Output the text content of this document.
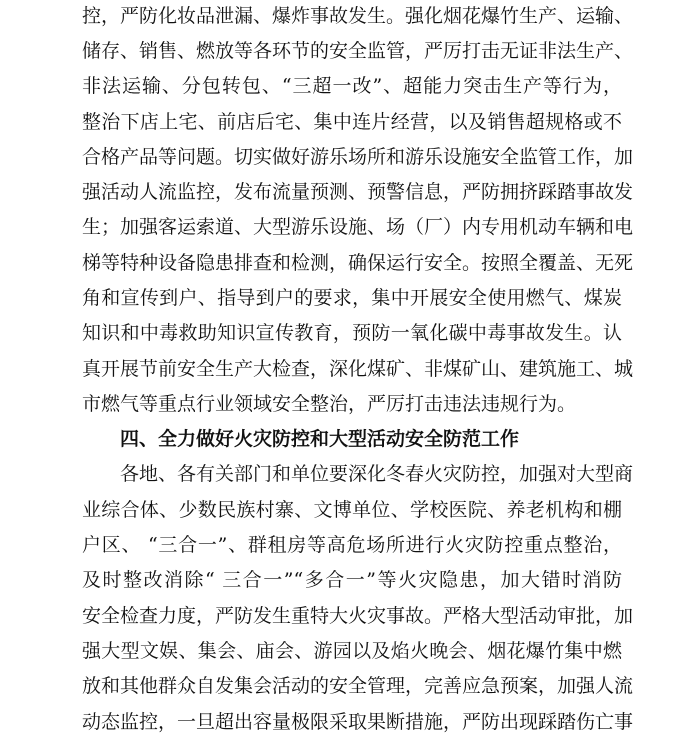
控，严防化妆品泄漏、爆炸事故发生。强化烟花爆竹生产、运输、
储存、销售、燃放等各环节的安全监管，严厉打击无证非法生产、
非法运输、分包转包、“三超一改”、超能力突击生产等行为，
整治下店上宅、前店后宅、集中连片经营，以及销售超规格或不
合格产品等问题。切实做好游乐场所和游乐设施安全监管工作，加
强活动人流监控，发布流量预测、预警信息，严防拥挤踩踏事故发
生；加强客运索道、大型游乐设施、场（厂）内专用机动车辆和电
梯等特种设备隐患排查和检测，确保运行安全。按照全覆盖、无死
角和宣传到户、指导到户的要求，集中开展安全使用燃气、煤炭
知识和中毒救助知识宣传教育，预防一氧化碳中毒事故发生。认
真开展节前安全生产大检查，深化煤矿、非煤矿山、建筑施工、城
市燃气等重点行业领域安全整治，严厉打击违法违规行为。
四、全力做好火灾防控和大型活动安全防范工作
各地、各有关部门和单位要深化冬春火灾防控，加强对大型商
业综合体、少数民族村寨、文博单位、学校医院、养老机构和棚
户区、 “三合一”、群租房等高危场所进行火灾防控重点整治，
及时整改消除“ 三合一”“多合一”等火灾隐患，加大错时消防
安全检查力度，严防发生重特大火灾事故。严格大型活动审批，加
强大型文娱、集会、庙会、游园以及焰火晚会、烟花爆竹集中燃
放和其他群众自发集会活动的安全管理，完善应急预案，加强人流
动态监控，一旦超出容量极限采取果断措施，严防出现踩踏伤亡事
